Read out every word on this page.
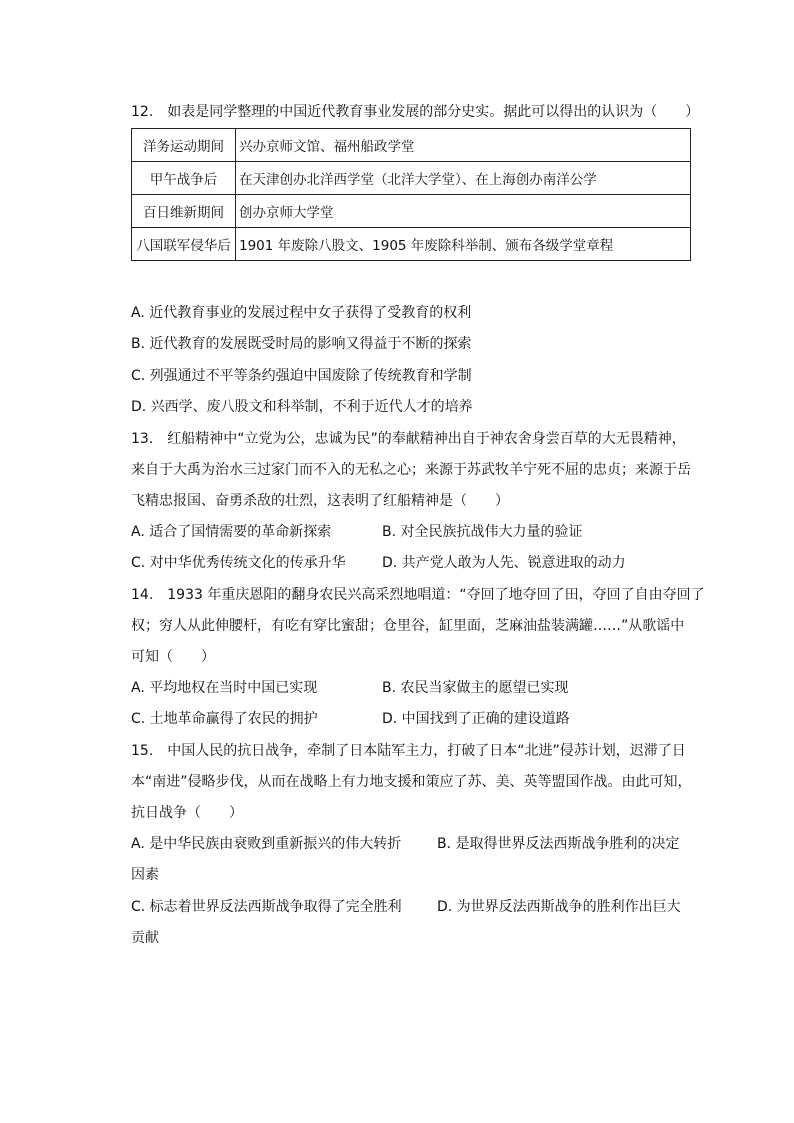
12.　如表是同学整理的中国近代教育事业发展的部分史实。据此可以得出的认识为（　　）
洋务运动期间	兴办京师文馆、福州船政学堂
甲午战争后	在天津创办北洋西学堂（北洋大学堂）、在上海创办南洋公学
百日维新期间	创办京师大学堂
八国联军侵华后	1901 年废除八股文、1905 年废除科举制、颁布各级学堂章程
A. 近代教育事业的发展过程中女子获得了受教育的权利
B. 近代教育的发展既受时局的影响又得益于不断的探索
C. 列强通过不平等条约强迫中国废除了传统教育和学制
D. 兴西学、废八股文和科举制，不利于近代人才的培养
13.　红船精神中“立党为公，忠诚为民”的奉献精神出自于神农舍身尝百草的大无畏精神，
来自于大禹为治水三过家门而不入的无私之心；来源于苏武牧羊宁死不屈的忠贞；来源于岳
飞精忠报国、奋勇杀敌的壮烈，这表明了红船精神是（　　）
A. 适合了国情需要的革命新探索	B. 对全民族抗战伟大力量的验证
C. 对中华优秀传统文化的传承升华	D. 共产党人敢为人先、锐意进取的动力
14.　1933 年重庆恩阳的翻身农民兴高采烈地唱道：“夺回了地夺回了田，夺回了自由夺回了
权；穷人从此伸腰杆，有吃有穿比蜜甜；仓里谷，缸里面，芝麻油盐装满罐……”从歌谣中
可知（　　）
A. 平均地权在当时中国已实现	B. 农民当家做主的愿望已实现
C. 土地革命赢得了农民的拥护	D. 中国找到了正确的建设道路
15.　中国人民的抗日战争，牵制了日本陆军主力，打破了日本“北进”侵苏计划，迟滞了日
本“南进”侵略步伐，从而在战略上有力地支援和策应了苏、美、英等盟国作战。由此可知，
抗日战争（　　）
A. 是中华民族由衰败到重新振兴的伟大转折	B. 是取得世界反法西斯战争胜利的决定
因素
C. 标志着世界反法西斯战争取得了完全胜利	D. 为世界反法西斯战争的胜利作出巨大
贡献
